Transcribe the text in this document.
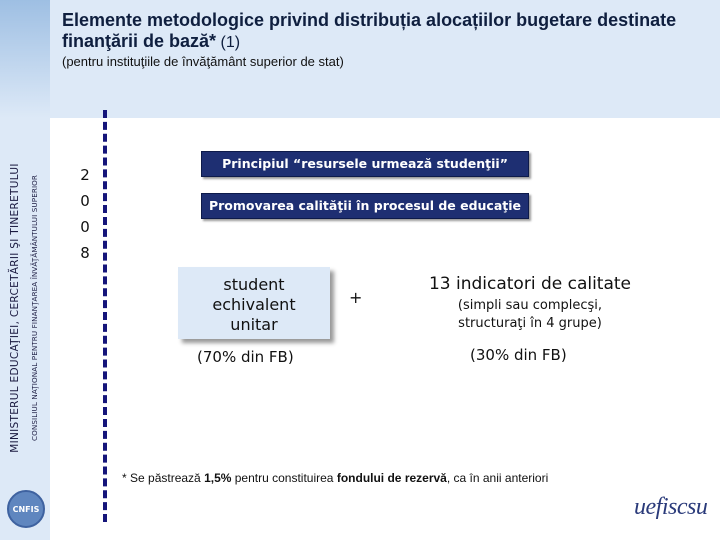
Elemente metodologice privind distribuția alocațiilor bugetare destinate finanţării de bază* (1)
(pentru instituţiile de învăţământ superior de stat)
MINISTERUL EDUCAŢIEI, CERCETĂRII ŞI TINERETULUI CONSILIUL NAŢIONAL PENTRU FINANŢAREA ÎNVĂŢĂMÂNTULUI SUPERIOR
CNFIS
2
0
0
8
Principiul “resursele urmează studenţii”
Promovarea calităţii în procesul de educaţie
student
echivalent
unitar
+
13 indicatori de calitate
(simpli sau complecşi,
structuraţi în 4 grupe)
(70% din FB)	(30% din FB)
* Se păstrează 1,5% pentru constituirea fondului de rezervă, ca în anii anteriori
uefiscsu
